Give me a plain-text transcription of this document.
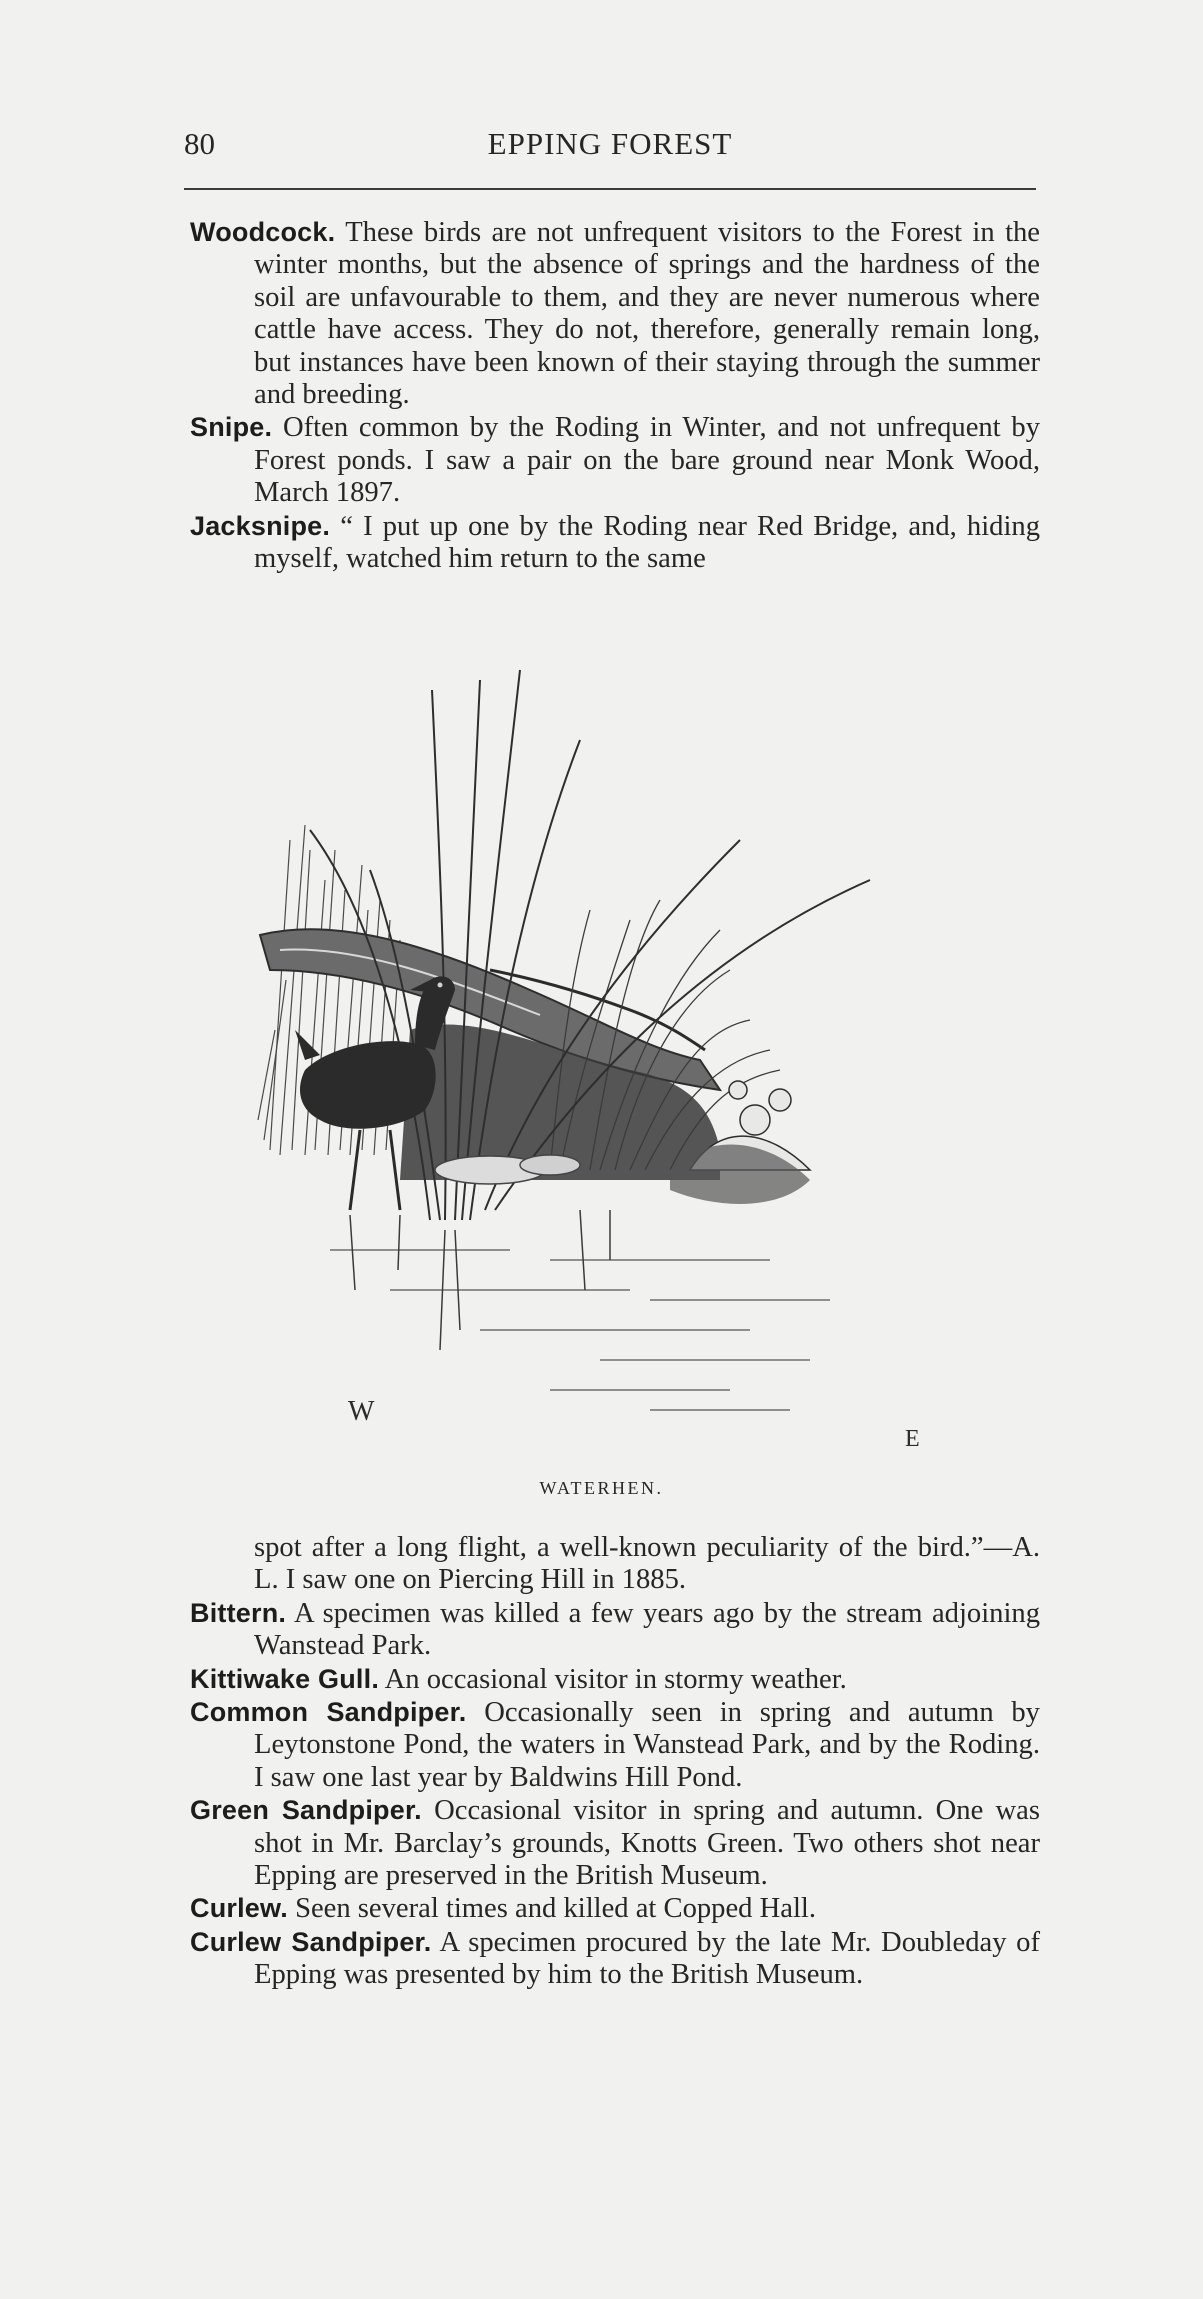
80	EPPING FOREST

Woodcock. These birds are not unfrequent visitors to the Forest in the winter months, but the absence of springs and the hardness of the soil are unfavourable to them, and they are never numerous where cattle have access. They do not, therefore, generally remain long, but instances have been known of their staying through the summer and breeding.

Snipe. Often common by the Roding in Winter, and not unfrequent by Forest ponds. I saw a pair on the bare ground near Monk Wood, March 1897.

Jacksnipe. “ I put up one by the Roding near Red Bridge, and, hiding myself, watched him return to the same

W
E
WATERHEN.

spot after a long flight, a well-known peculiarity of the bird.”—A. L. I saw one on Piercing Hill in 1885.

Bittern. A specimen was killed a few years ago by the stream adjoining Wanstead Park.

Kittiwake Gull. An occasional visitor in stormy weather.

Common Sandpiper. Occasionally seen in spring and autumn by Leytonstone Pond, the waters in Wanstead Park, and by the Roding. I saw one last year by Baldwins Hill Pond.

Green Sandpiper. Occasional visitor in spring and autumn. One was shot in Mr. Barclay’s grounds, Knotts Green. Two others shot near Epping are preserved in the British Museum.

Curlew. Seen several times and killed at Copped Hall.

Curlew Sandpiper. A specimen procured by the late Mr. Doubleday of Epping was presented by him to the British Museum.
